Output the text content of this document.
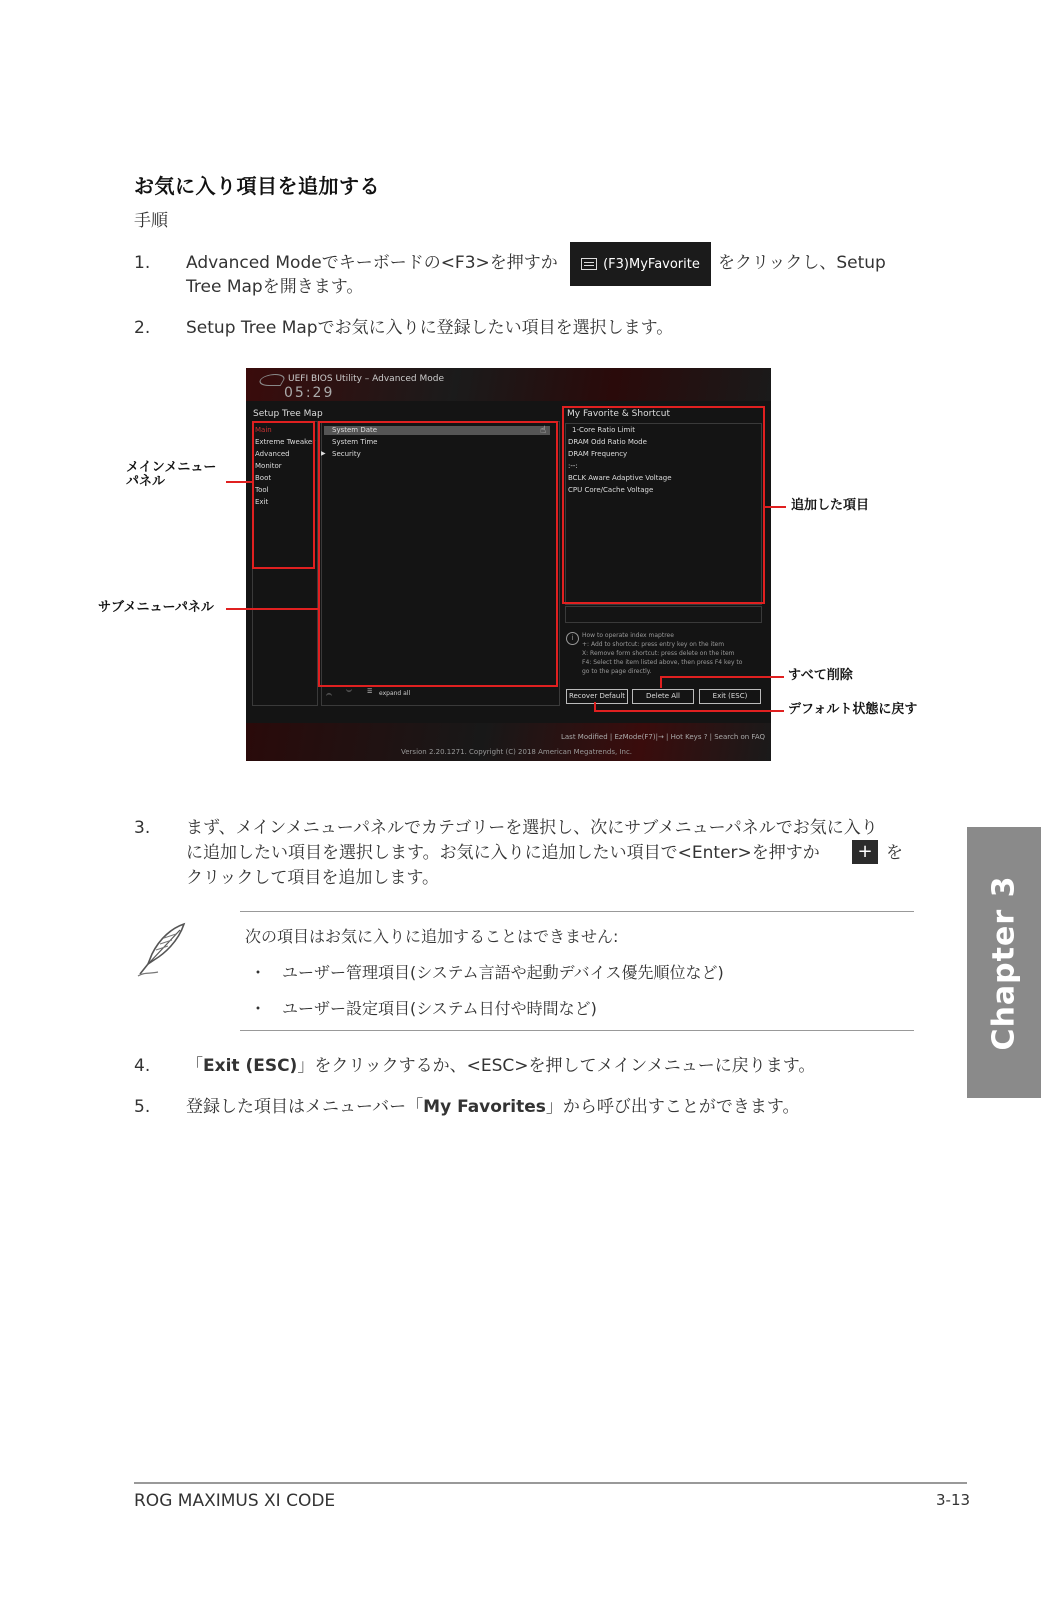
お気に入り項目を追加する
手順
1. Advanced Modeでキーボードの<F3>を押すか	をクリックし、Setup
Tree Mapを開きます。
(F3)MyFavorite
2. Setup Tree Mapでお気に入りに登録したい項目を選択します。
UEFI BIOS Utility – Advanced Mode
05:29
Setup Tree Map	My Favorite & Shortcut
Main
Extreme Tweaker
Advanced
Monitor
Boot
Tool
Exit
System Date
System Time
▶ Security
☝	1-Core Ratio Limit
DRAM Odd Ratio Mode
DRAM Frequency
:--:
BCLK Aware Adaptive Voltage
CPU Core/Cache Voltage
i	How to operate index maptree
+: Add to shortcut: press entry key on the item
X: Remove form shortcut: press delete on the item
F4: Select the item listed above, then press F4 key to
go to the page directly.
Recover Default	Delete All	Exit (ESC)
︽ ︾ ☰ expand all
Last Modified | EzMode(F7)|→ | Hot Keys ? | Search on FAQ
Version 2.20.1271. Copyright (C) 2018 American Megatrends, Inc.
メインメニュー
パネル
サブメニューパネル
追加した項目
すべて削除
デフォルト状態に戻す
3. まず、メインメニューパネルでカテゴリーを選択し、次にサブメニューパネルでお気に入り
に追加したい項目を選択します。お気に入りに追加したい項目で<Enter>を押すか	+ を
クリックして項目を追加します。
次の項目はお気に入りに追加することはできません:
・ ユーザー管理項目(システム言語や起動デバイス優先順位など)
・ ユーザー設定項目(システム日付や時間など)
4. 「Exit (ESC)」をクリックするか、<ESC>を押してメインメニューに戻ります。
5. 登録した項目はメニューバー「My Favorites」から呼び出すことができます。
Chapter 3
ROG MAXIMUS XI CODE	3-13
